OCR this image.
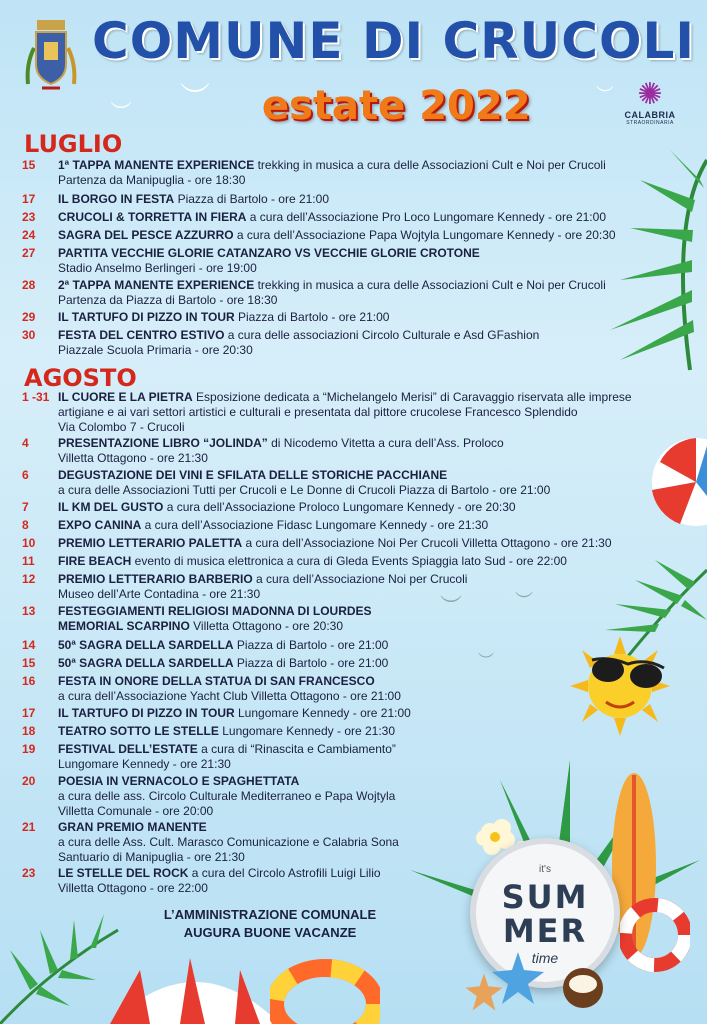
︶
︶
︶
︶	︶
︶
it's
SUM
MER
time
COMUNE DI CRUCOLI
estate 2022	✺
CALABRIA
STRAORDINARIA
LUGLIO
15	1ª TAPPA MANENTE EXPERIENCE trekking in musica a cura delle Associazioni Cult e Noi per Crucoli
Partenza da Manipuglia - ore 18:30
17	IL BORGO IN FESTA Piazza di Bartolo - ore 21:00
23	CRUCOLI & TORRETTA IN FIERA a cura dell’Associazione Pro Loco Lungomare Kennedy - ore 21:00
24	SAGRA DEL PESCE AZZURRO a cura dell’Associazione Papa Wojtyla Lungomare Kennedy - ore 20:30
27	PARTITA VECCHIE GLORIE CATANZARO VS VECCHIE GLORIE CROTONE
Stadio Anselmo Berlingeri - ore 19:00
28	2ª TAPPA MANENTE EXPERIENCE trekking in musica a cura delle Associazioni Cult e Noi per Crucoli
Partenza da Piazza di Bartolo - ore 18:30
29	IL TARTUFO DI PIZZO IN TOUR Piazza di Bartolo - ore 21:00
30	FESTA DEL CENTRO ESTIVO a cura delle associazioni Circolo Culturale e Asd GFashion
Piazzale Scuola Primaria - ore 20:30
AGOSTO
1 -31 IL CUORE E LA PIETRA Esposizione dedicata a “Michelangelo Merisi” di Caravaggio riservata alle imprese artigiane e ai vari settori artistici e culturali e presentata dal pittore crucolese Francesco Splendido
Via Colombo 7 - Crucoli
4	PRESENTAZIONE LIBRO “JOLINDA” di Nicodemo Vitetta a cura dell’Ass. Proloco
Villetta Ottagono - ore 21:30
6	DEGUSTAZIONE DEI VINI E SFILATA DELLE STORICHE PACCHIANE
a cura delle Associazioni Tutti per Crucoli e Le Donne di Crucoli Piazza di Bartolo - ore 21:00
7	IL KM DEL GUSTO a cura dell’Associazione Proloco Lungomare Kennedy - ore 20:30
8	EXPO CANINA a cura dell’Associazione Fidasc Lungomare Kennedy - ore 21:30
10	PREMIO LETTERARIO PALETTA a cura dell’Associazione Noi Per Crucoli Villetta Ottagono - ore 21:30
11	FIRE BEACH evento di musica elettronica a cura di Gleda Events Spiaggia lato Sud - ore 22:00
12	PREMIO LETTERARIO BARBERIO a cura dell’Associazione Noi per Crucoli
Museo dell’Arte Contadina - ore 21:30
13	FESTEGGIAMENTI RELIGIOSI MADONNA DI LOURDES
MEMORIAL SCARPINO Villetta Ottagono - ore 20:30
14	50ª SAGRA DELLA SARDELLA Piazza di Bartolo - ore 21:00
15	50ª SAGRA DELLA SARDELLA Piazza di Bartolo - ore 21:00
16	FESTA IN ONORE DELLA STATUA DI SAN FRANCESCO
a cura dell’Associazione Yacht Club Villetta Ottagono - ore 21:00
17	IL TARTUFO DI PIZZO IN TOUR Lungomare Kennedy - ore 21:00
18	TEATRO SOTTO LE STELLE Lungomare Kennedy - ore 21:30
19	FESTIVAL DELL’ESTATE a cura di “Rinascita e Cambiamento”
Lungomare Kennedy - ore 21:30
20	POESIA IN VERNACOLO E SPAGHETTATA
a cura delle ass. Circolo Culturale Mediterraneo e Papa Wojtyla
Villetta Comunale - ore 20:00
21	GRAN PREMIO MANENTE
a cura delle Ass. Cult. Marasco Comunicazione e Calabria Sona
Santuario di Manipuglia - ore 21:30
23	LE STELLE DEL ROCK a cura del Circolo Astrofili Luigi Lilio
Villetta Ottagono - ore 22:00
L’AMMINISTRAZIONE COMUNALE
AUGURA BUONE VACANZE
